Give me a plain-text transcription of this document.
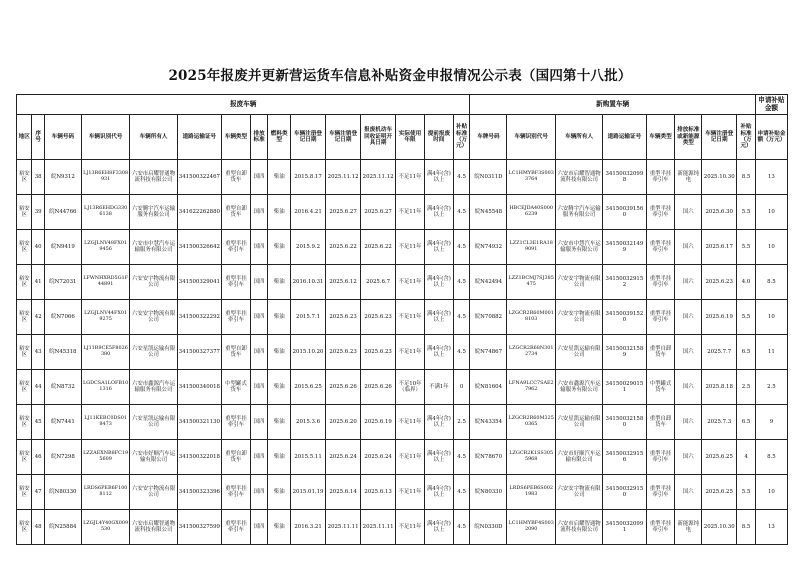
2025年报废并更新营运货车信息补贴资金申报情况公示表（国四第十八批）
报废车辆															新购置车辆								申请补贴金额
地区	序号	车辆号码	车辆识别代号	车辆所有人	道路运输证号	车辆类型	排放标准	燃料类型	车辆注册登记日期	车辆注销登记日期	报废机动车回收证明开具日期	实际使用年限	提前报废时间	补贴标准（万元）	车牌号码	车辆识别代号	车辆所有人	道路运输证号	车辆类型	排放标准或新能源类型	车辆注册登记日期	补贴标准（万元）	申请补贴金额（万元）
裕安区	38	皖N9312	LJ13R6EH8F3308931	六安市启耀智通物流科技有限公司	341500322467	重型自卸货车	国四	柴油	2015.8.17	2025.11.12	2025.11.12	不足11年	满4年(含)以上	4.5	皖N0311D	LC1HMYBF3S0033764	六安市启耀智通物流科技有限公司	341500320998	重型半挂牵引车	新能源纯电	2025.10.30	8.5	13
裕安区	39	皖N44766	LJ13R6EHDG3306138	六安腾宇汽车运输服务有限公司	341622262880	重型自卸货车	国四	柴油	2016.4.21	2025.6.27	2025.6.27	不足11年	满4年(含)以上	4.5	皖N45548	HBCEJDA40S0006239	六安腾宇汽车运输服务有限公司	341500391560	重型半挂牵引车	国六	2025.6.30	5.5	10
裕安区	40	皖N9419	LZGJLNV48FX019456	六安市中慧汽车运输服务有限公司	341500326642	重型半挂牵引车	国四	柴油	2015.9.2	2025.6.22	2025.6.22	不足11年	满4年(含)以上	4.5	皖N74932	LZZ1CL3E1RA189091	六安市中慧汽车运输服务有限公司	341500321499	重型半挂牵引车	国六	2025.6.17	5.5	10
裕安区	41	皖N72031	LFWNHXRD5G1F44891	六安安宇物流有限公司	341500329041	重型半挂牵引车	国四	柴油	2016.10.31	2025.6.12	2025.6.7	不足11年	满4年(含)以上	4.5	皖N42494	LZZ1BCMJ7SJ385475	六安安宇物流有限公司	341500329152	重型半挂牵引车	国六	2025.6.23	4.0	8.5
裕安区	42	皖N7066	LZGJLNV44FX019275	六安安宇物流有限公司	341500322292	重型半挂牵引车	国四	柴油	2015.7.1	2025.6.23	2025.6.23	不足11年	满4年(含)以上	4.5	皖N70882	LZGCR2R60M0018103	六安安宇物流有限公司	341500391520	重型半挂牵引车	国六	2025.6.19	5.5	10
裕安区	43	皖N45318	LJ11R9CE5F8026380	六安星凯运输有限公司	341500327377	重型自卸货车	国四	柴油	2015.10.20	2025.6.23	2025.6.23	不足11年	满4年(含)以上	4.5	皖N74867	LZGCR2R68N3012734	六安星凯运输有限公司	341500321589	重型自卸货车	国六	2025.7.7	6.5	11
裕安区	44	皖N8732	LGDCSA1LOFB101316	六安市鑫源汽车运输服务有限公司	341500340018	中型罐式货车	国四	柴油	2015.6.25	2025.6.26	2025.6.26	不足10年（临界）	不满1年	0	皖N81604	LFNA9LCC7SAE27962	六安市鑫源汽车运输服务有限公司	341500290151	中型罐式货车	国六	2025.8.18	2.5	2.5
裕安区	45	皖N7441	LJ11KEBC0DS018473	六安星凯运输有限公司	341500321130	重型半挂牵引车	国四	柴油	2015.3.6	2025.6.20	2025.6.19	不足11年	满4年(含)以上	2.5	皖N43354	LZGCR2R60M3250365	六安星凯运输有限公司	341500321580	重型自卸货车	国六	2025.7.3	6.5	9
裕安区	46	皖N7298	LZZAEXNB8FC195609	六安市好顺汽车运输有限公司	341500322018	重型自卸货车	国四	柴油	2015.5.11	2025.6.24	2025.6.24	不足11年	满4年(含)以上	4.5	皖N78670	LZGCR2K1SS3055968	六安市好顺汽车运输有限公司	341500329156	重型半挂牵引车	国六	2025.6.25	4	8.5
裕安区	47	皖N80330	LRDS6PEB6F1008112	六安安宇物流有限公司	341500323396	重型半挂牵引车	国四	柴油	2015.01.19	2025.6.14	2025.6.13	不足11年	满4年(含)以上	4.5	皖N80330	LRDS6PEB6S0021983	六安安宇物流有限公司	341500329150	重型半挂牵引车	国六	2025.6.25	5.5	10
裕安区	48	皖N25884	LZGJL4Y40GX009530	六安市启耀智通物流科技有限公司	341500327599	重型半挂牵引车	国四	柴油	2016.3.21	2025.11.11	2025.11.11	不足11年	满4年(含)以上	4.5	皖N0330D	LC1HMYBF4S0032090	六安市启耀智通物流科技有限公司	341500320991	重型半挂牵引车	新能源纯电	2025.10.30	8.5	13
